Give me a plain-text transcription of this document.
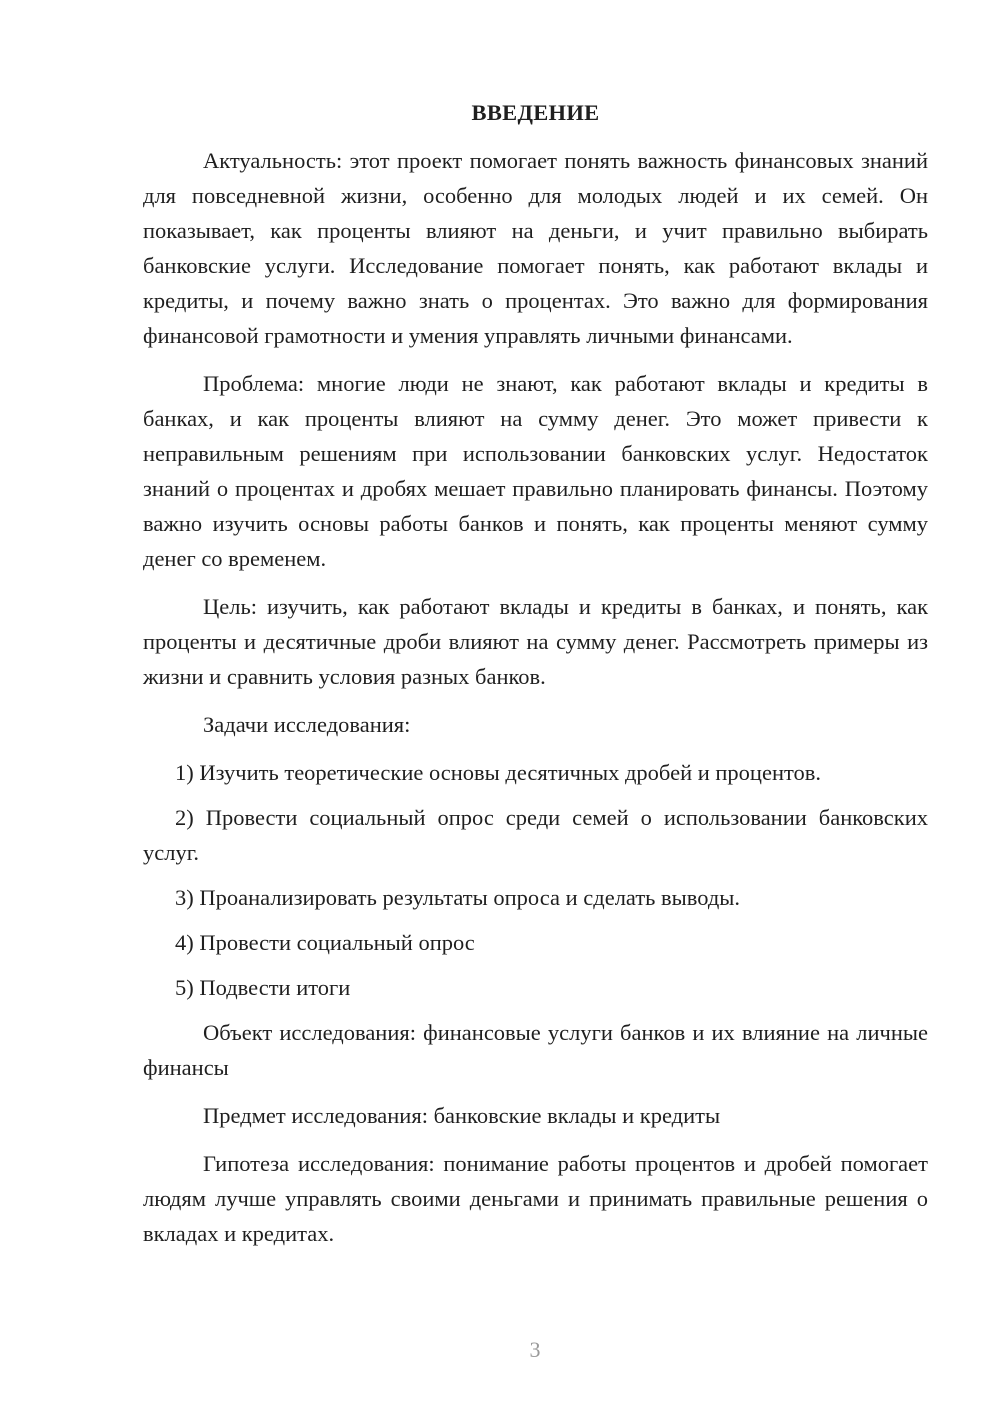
ВВЕДЕНИЕ

Актуальность: этот проект помогает понять важность финансовых знаний для повседневной жизни, особенно для молодых людей и их семей. Он показывает, как проценты влияют на деньги, и учит правильно выбирать банковские услуги. Исследование помогает понять, как работают вклады и кредиты, и почему важно знать о процентах. Это важно для формирования финансовой грамотности и умения управлять личными финансами.

Проблема: многие люди не знают, как работают вклады и кредиты в банках, и как проценты влияют на сумму денег. Это может привести к неправильным решениям при использовании банковских услуг. Недостаток знаний о процентах и дробях мешает правильно планировать финансы. Поэтому важно изучить основы работы банков и понять, как проценты меняют сумму денег со временем.

Цель: изучить, как работают вклады и кредиты в банках, и понять, как проценты и десятичные дроби влияют на сумму денег. Рассмотреть примеры из жизни и сравнить условия разных банков.

Задачи исследования:

1) Изучить теоретические основы десятичных дробей и процентов.

2) Провести социальный опрос среди семей о использовании банковских услуг.

3) Проанализировать результаты опроса и сделать выводы.

4) Провести социальный опрос

5) Подвести итоги

Объект исследования: финансовые услуги банков и их влияние на личные финансы

Предмет исследования: банковские вклады и кредиты

Гипотеза исследования: понимание работы процентов и дробей помогает людям лучше управлять своими деньгами и принимать правильные решения о вкладах и кредитах.

3
